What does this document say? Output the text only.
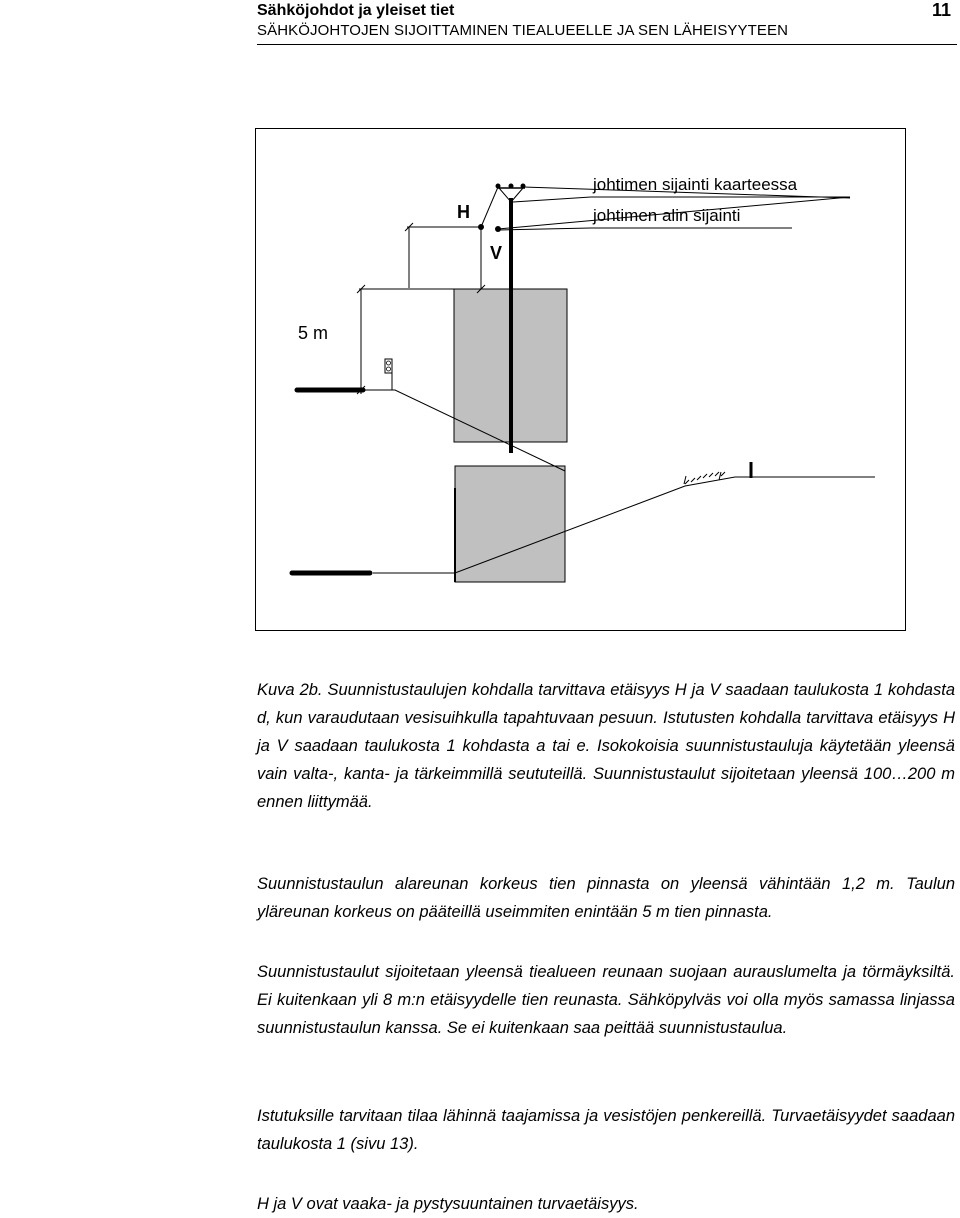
Sähköjohdot ja yleiset tiet
SÄHKÖJOHTOJEN SIJOITTAMINEN TIEALUEELLE JA SEN LÄHEISYYTEEN
11
H
V
5 m
johtimen sijainti kaarteessa
johtimen alin sijainti

Kuva 2b. Suunnistustaulujen kohdalla tarvittava etäisyys H ja V saadaan taulukosta 1 kohdasta d, kun varaudutaan vesisuihkulla tapahtuvaan pesuun. Istutusten kohdalla tarvittava etäisyys H ja V saadaan taulukosta 1 kohdasta a tai e. Isokokoisia suunnistustauluja käytetään yleensä vain valta-, kanta- ja tärkeimmillä seututeillä. Suunnistustaulut sijoitetaan yleensä 100…200 m ennen liittymää.

Suunnistustaulun alareunan korkeus tien pinnasta on yleensä vähintään 1,2 m. Taulun yläreunan korkeus on pääteillä useimmiten enintään 5 m tien pinnasta.

Suunnistustaulut sijoitetaan yleensä tiealueen reunaan suojaan aurauslumelta ja törmäyksiltä. Ei kuitenkaan yli 8 m:n etäisyydelle tien reunasta. Sähköpylväs voi olla myös samassa linjassa suunnistustaulun kanssa. Se ei kuitenkaan saa peittää suunnistustaulua.

Istutuksille tarvitaan tilaa lähinnä taajamissa ja vesistöjen penkereillä. Turvaetäisyydet saadaan taulukosta 1 (sivu 13).

H ja V ovat vaaka- ja pystysuuntainen turvaetäisyys.
